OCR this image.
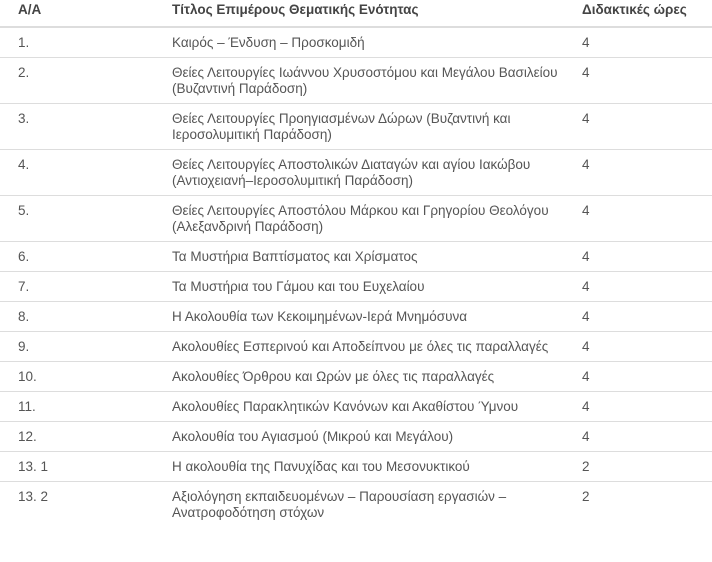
Α/Α	Τίτλος Επιμέρους Θεματικής Ενότητας	Διδακτικές ώρες
1.	Καιρός – Ένδυση – Προσκομιδή	4
2.	Θείες Λειτουργίες Ιωάννου Χρυσοστόμου και Μεγάλου Βασιλείου (Βυζαντινή Παράδοση)	4
3.	Θείες Λειτουργίες Προηγιασμένων Δώρων (Βυζαντινή και Ιεροσολυμιτική Παράδοση)	4
4.	Θείες Λειτουργίες Αποστολικών Διαταγών και αγίου Ιακώβου (Αντιοχειανή–Ιεροσολυμιτική Παράδοση)	4
5.	Θείες Λειτουργίες Αποστόλου Μάρκου και Γρηγορίου Θεολόγου (Αλεξανδρινή Παράδοση)	4
6.	Τα Μυστήρια Βαπτίσματος και Χρίσματος	4
7.	Τα Μυστήρια του Γάμου και του Ευχελαίου	4
8.	Η Ακολουθία των Κεκοιμημένων-Ιερά Μνημόσυνα	4
9.	Ακολουθίες Εσπερινού και Αποδείπνου με όλες τις παραλλαγές	4
10.	Ακολουθίες Όρθρου και Ωρών με όλες τις παραλλαγές	4
11.	Ακολουθίες Παρακλητικών Κανόνων και Ακαθίστου Ύμνου	4
12.	Ακολουθία του Αγιασμού (Μικρού και Μεγάλου)	4
13. 1	Η ακολουθία της Πανυχίδας και του Μεσονυκτικού	2
13. 2	Αξιολόγηση εκπαιδευομένων – Παρουσίαση εργασιών – Ανατροφοδότηση στόχων	2
